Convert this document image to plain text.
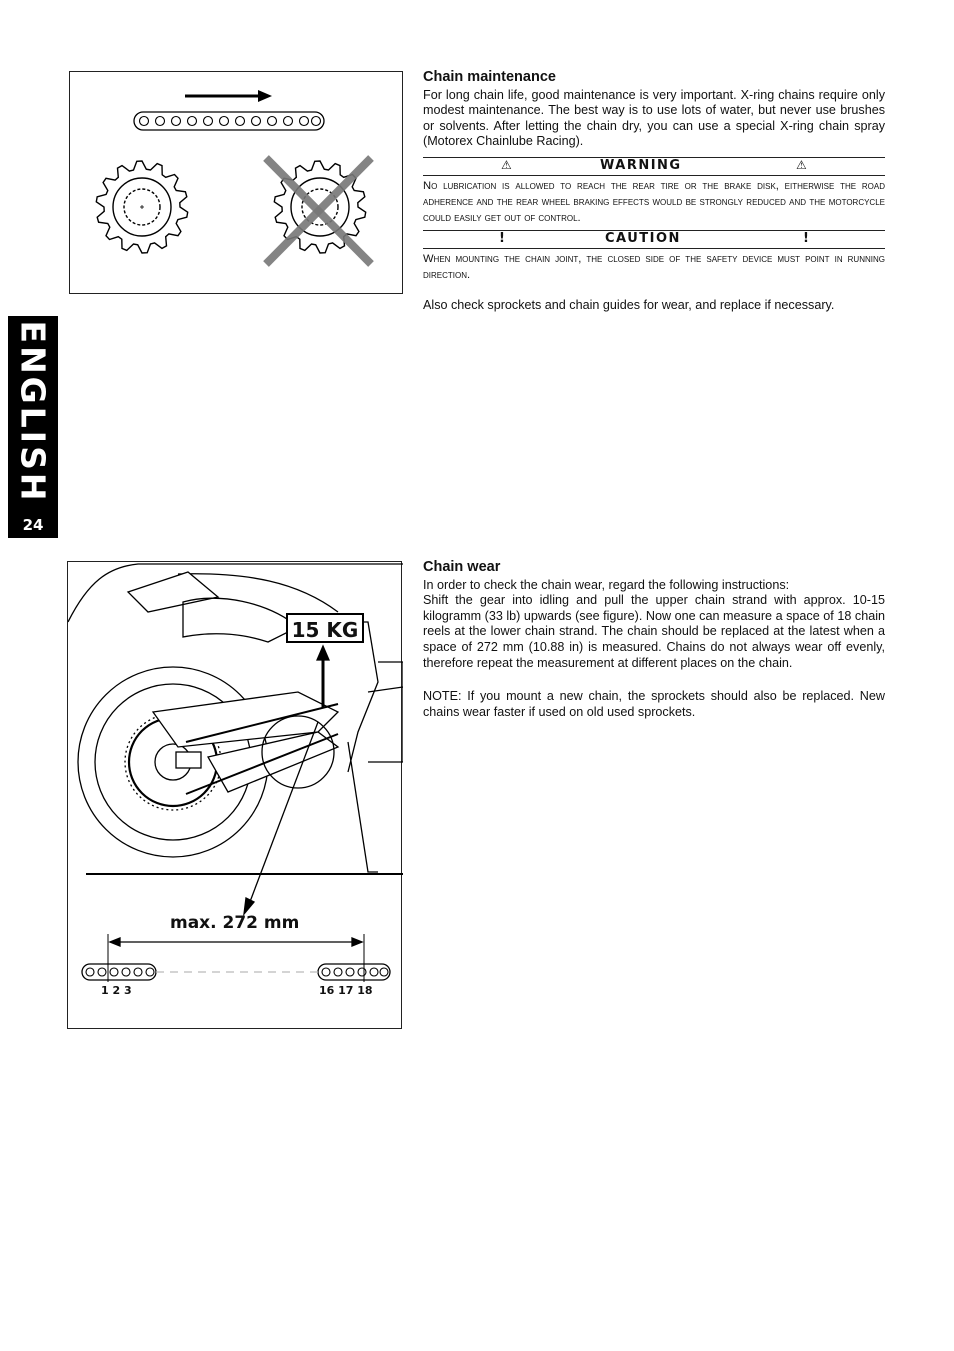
ENGLISH
24
Chain maintenance

For long chain life, good maintenance is very important. X-ring chains require only modest maintenance. The best way is to use lots of water, but never use brushes or solvents. After letting the chain dry, you can use a special X-ring chain spray (Motorex Chainlube Racing).

⚠	WARNING	⚠
No lubrication is allowed to reach the rear tire or the brake disk, eitherwise the road adherence and the rear wheel braking effects would be strongly reduced and the motorcycle could easily get out of control.
!	CAUTION	!
When mounting the chain joint, the closed side of the safety device must point in running direction.

Also check sprockets and chain guides for wear, and replace if necessary.

15 KG
max. 272 mm
1 2 3	16 17 18
Chain wear

In order to check the chain wear, regard the following instructions:

Shift the gear into idling and pull the upper chain strand with approx. 10-15 kilogramm (33 lb) upwards (see figure). Now one can measure a space of 18 chain reels at the lower chain strand. The chain should be replaced at the latest when a space of 272 mm (10.88 in) is measured. Chains do not always wear off evenly, therefore repeat the measurement at different places on the chain.

NOTE: If you mount a new chain, the sprockets should also be replaced. New chains wear faster if used on old used sprockets.
